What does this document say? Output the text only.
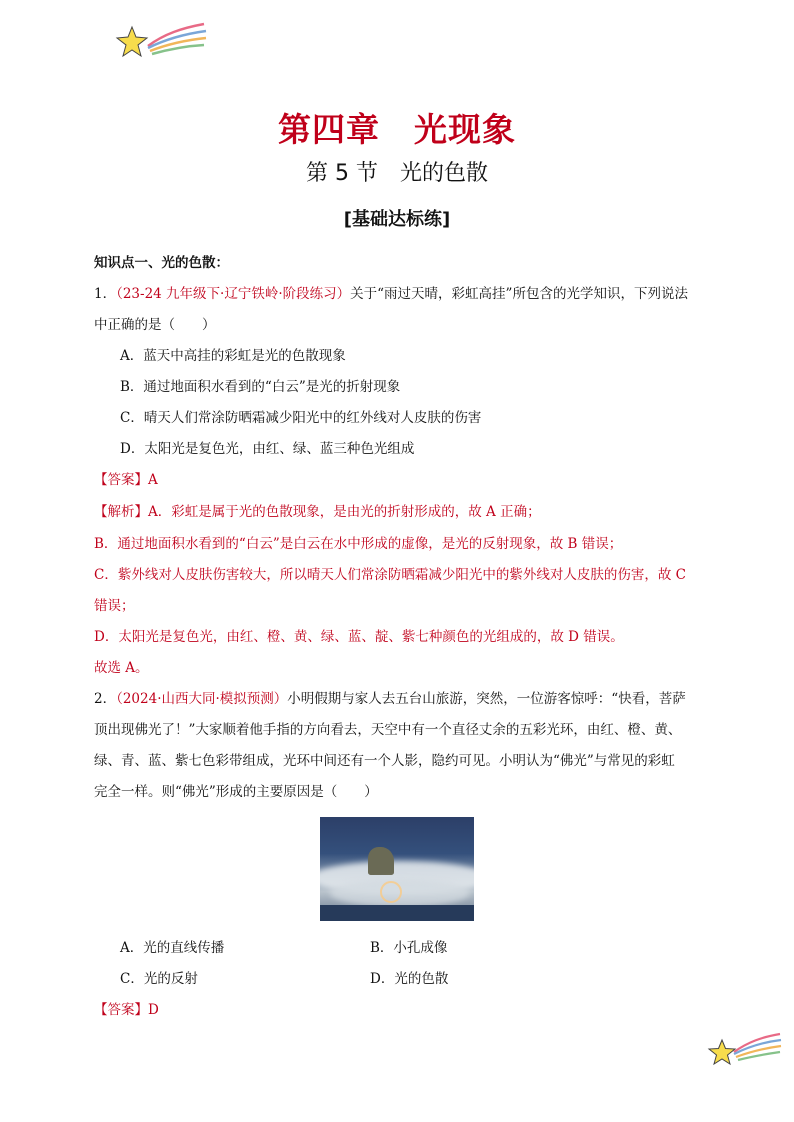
第四章　光现象
第 5 节　光的色散
[基础达标练]
知识点一、光的色散：
1．（23-24 九年级下·辽宁铁岭·阶段练习）关于“雨过天晴，彩虹高挂”所包含的光学知识，下列说法
中正确的是（　　）
A．蓝天中高挂的彩虹是光的色散现象
B．通过地面积水看到的“白云”是光的折射现象
C．晴天人们常涂防晒霜减少阳光中的红外线对人皮肤的伤害
D．太阳光是复色光，由红、绿、蓝三种色光组成
【答案】A
【解析】A．彩虹是属于光的色散现象，是由光的折射形成的，故 A 正确；
B．通过地面积水看到的“白云”是白云在水中形成的虚像，是光的反射现象，故 B 错误；
C．紫外线对人皮肤伤害较大，所以晴天人们常涂防晒霜减少阳光中的紫外线对人皮肤的伤害，故 C
错误；
D．太阳光是复色光，由红、橙、黄、绿、蓝、靛、紫七种颜色的光组成的，故 D 错误。
故选 A。
2．（2024·山西大同·模拟预测）小明假期与家人去五台山旅游，突然，一位游客惊呼：“快看，菩萨
顶出现佛光了！”大家顺着他手指的方向看去，天空中有一个直径丈余的五彩光环，由红、橙、黄、
绿、青、蓝、紫七色彩带组成，光环中间还有一个人影，隐约可见。小明认为“佛光”与常见的彩虹
完全一样。则“佛光”形成的主要原因是（　　）
A．光的直线传播	B．小孔成像
C．光的反射	D．光的色散
【答案】D
